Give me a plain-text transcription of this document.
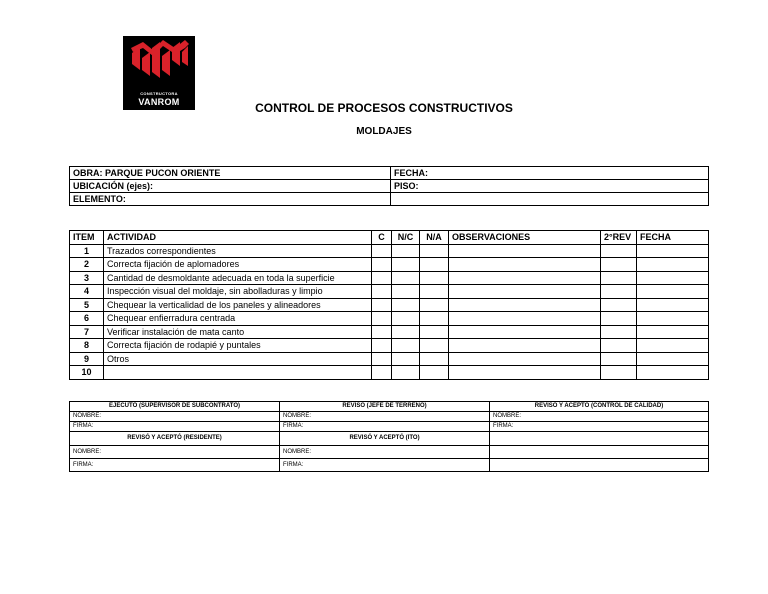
CONSTRUCTORA
VANROM	CONTROL DE PROCESOS CONSTRUCTIVOS
MOLDAJES
OBRA: PARQUE PUCON ORIENTE	FECHA:
UBICACIÓN (ejes):	PISO:
ELEMENTO:	
ITEM	ACTIVIDAD	C	N/C	N/A	OBSERVACIONES	2°REV	FECHA
1	Trazados correspondientes						
2	Correcta fijación de aplomadores						
3	Cantidad de desmoldante adecuada en toda la superficie						
4	Inspección visual del moldaje, sin abolladuras y limpio						
5	Chequear la verticalidad de los paneles y alineadores						
6	Chequear enfierradura centrada						
7	Verificar instalación de mata canto						
8	Correcta fijación de rodapié y puntales						
9	Otros						
10							
EJECUTÓ (SUPERVISOR DE SUBCONTRATO)	REVISÓ (JEFE DE TERRENO)	REVISÓ Y ACEPTÓ (CONTROL DE CALIDAD)
NOMBRE:	NOMBRE:	NOMBRE:
FIRMA:	FIRMA:	FIRMA:
REVISÓ Y ACEPTÓ (RESIDENTE)	REVISÓ Y ACEPTÓ (ITO)	
NOMBRE:	NOMBRE:	
FIRMA:	FIRMA:	
